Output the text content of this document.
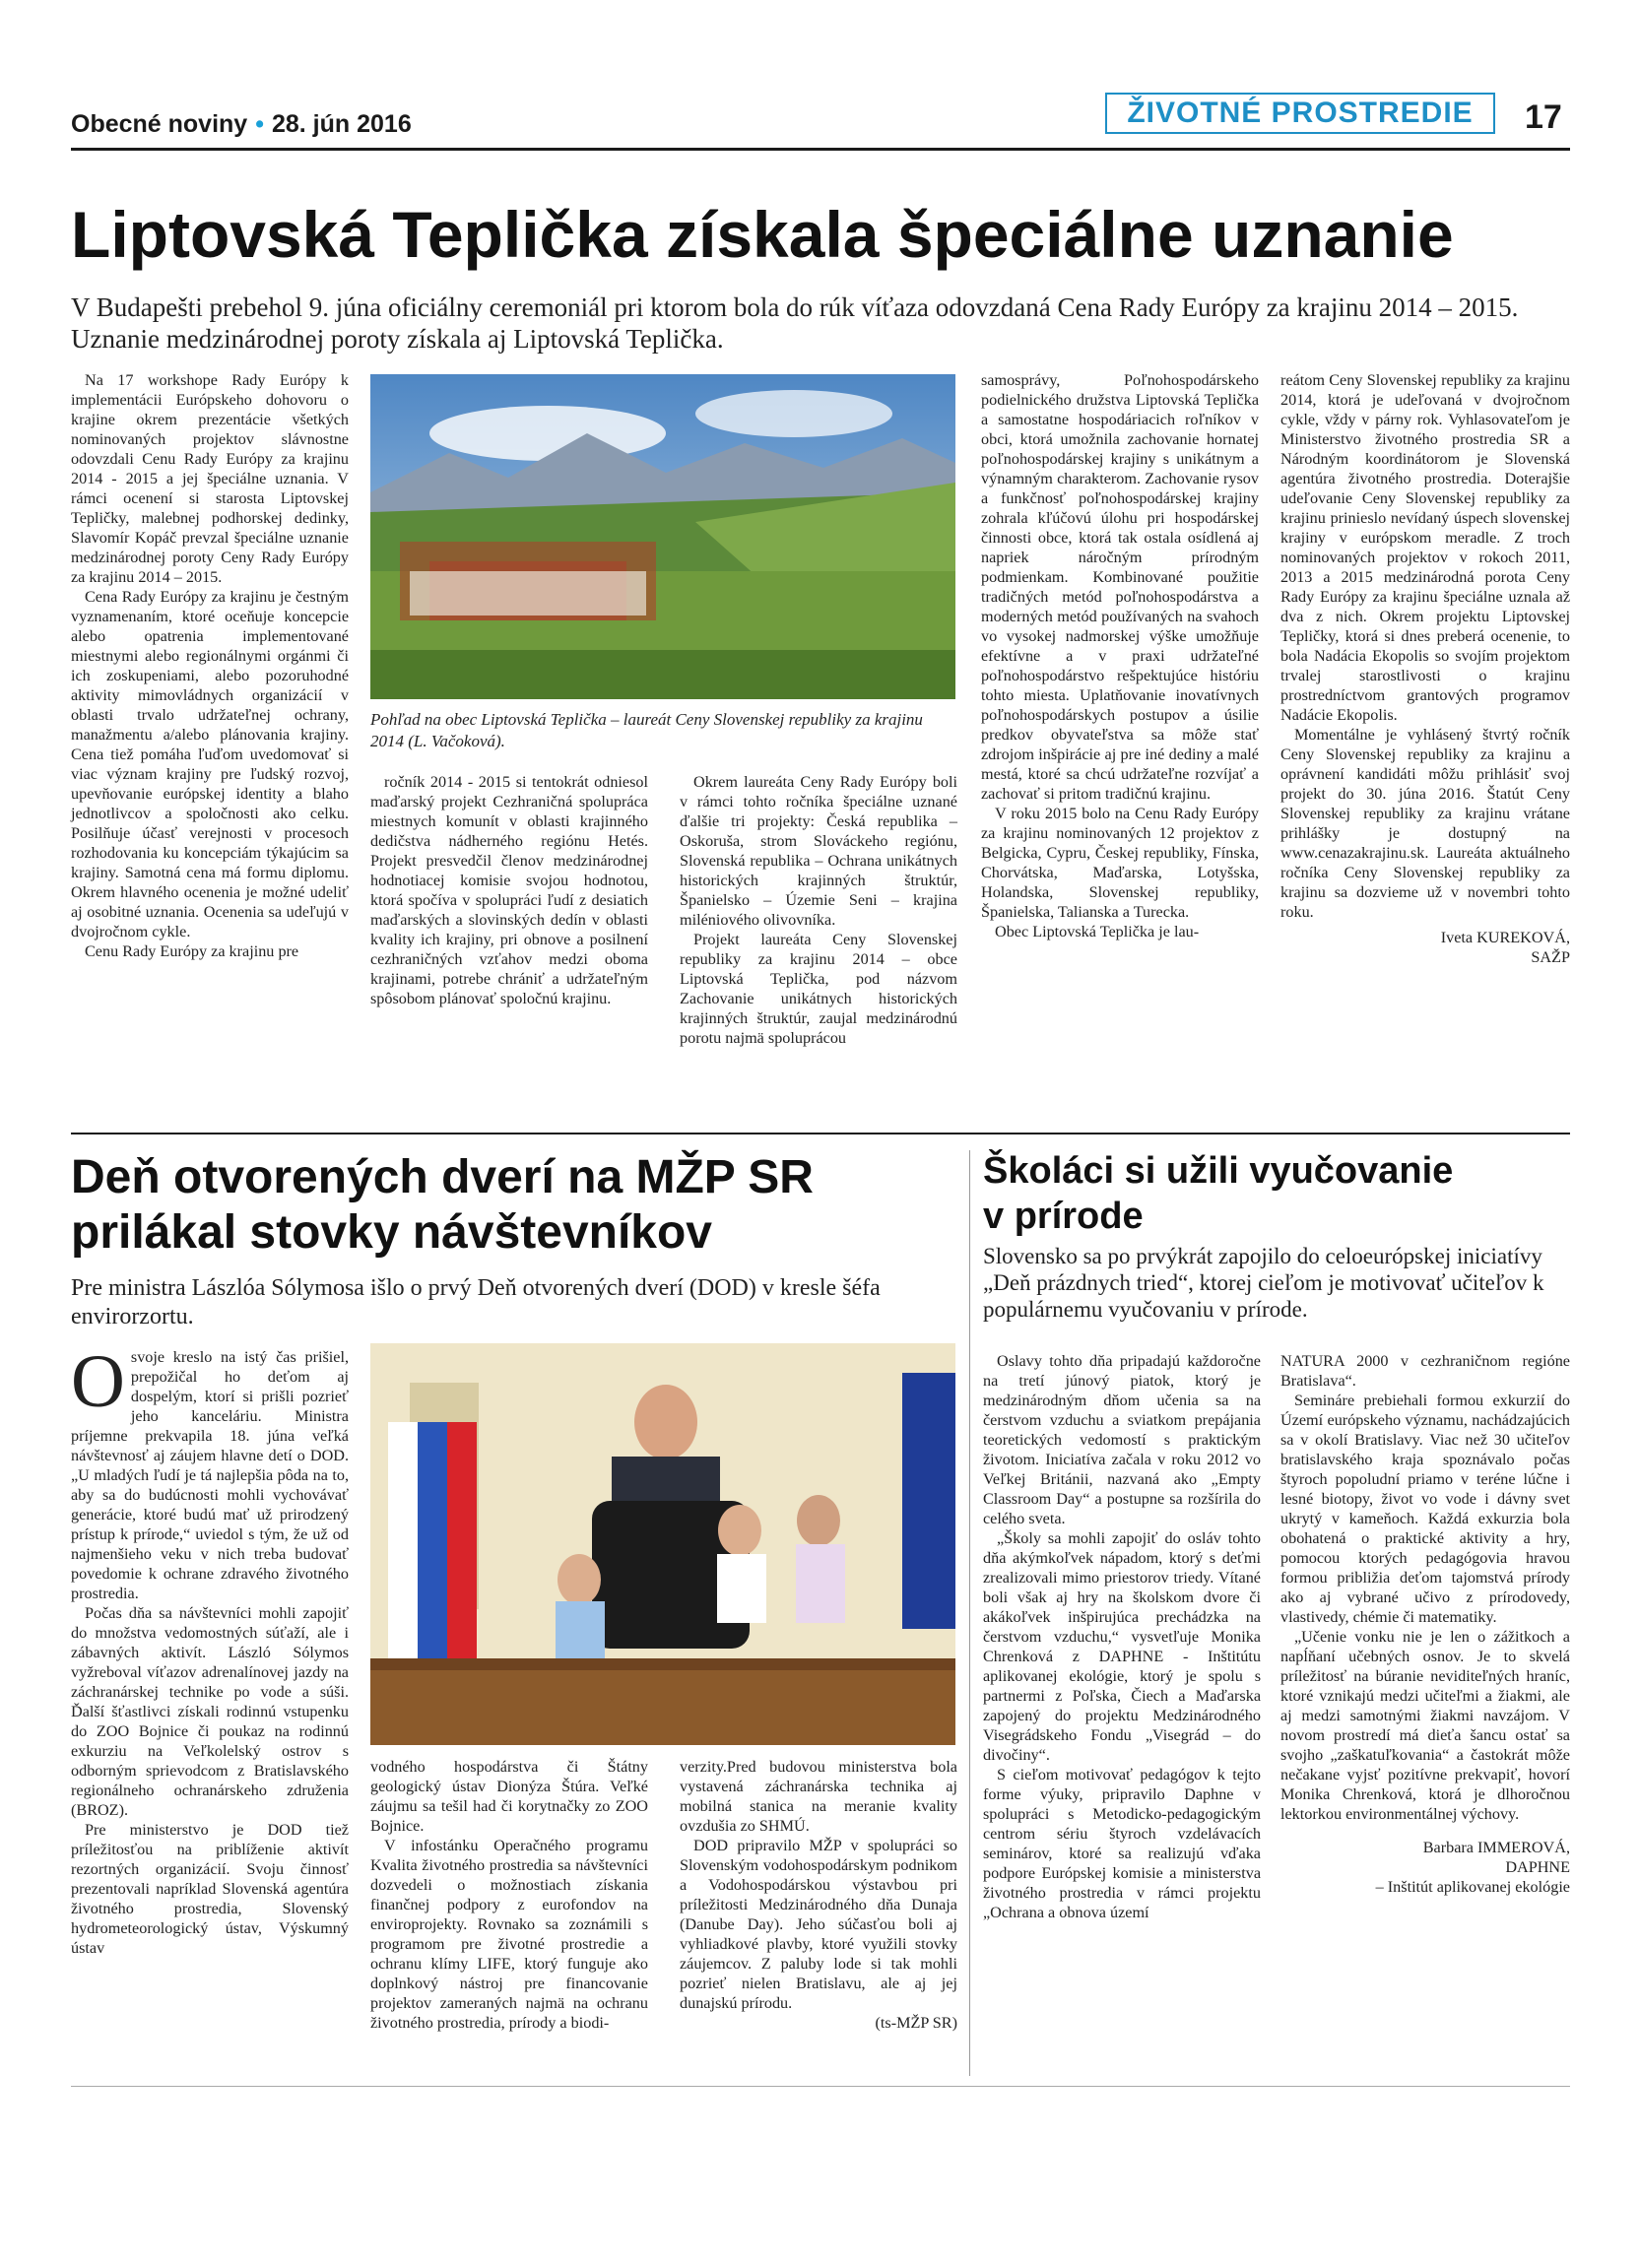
Obecné noviny • 28. jún 2016	ŽIVOTNÉ PROSTREDIE	17
Liptovská Teplička získala špeciálne uznanie
V Budapešti prebehol 9. júna oficiálny ceremoniál pri ktorom bola do rúk víťaza odovzdaná Cena Rady Európy za krajinu 2014 – 2015. Uznanie medzinárodnej poroty získala aj Liptovská Teplička.

Na 17 workshope Rady Európy k implementácii Európskeho dohovoru o krajine okrem prezentácie všetkých nominovaných projektov slávnostne odovzdali Cenu Rady Európy za krajinu 2014 - 2015 a jej špeciálne uznania. V rámci ocenení si starosta Liptovskej Tepličky, malebnej podhorskej dedinky, Slavomír Kopáč prevzal špeciálne uznanie medzinárodnej poroty Ceny Rady Európy za krajinu 2014 – 2015.

Cena Rady Európy za krajinu je čestným vyznamenaním, ktoré oceňuje koncepcie alebo opatrenia implementované miestnymi alebo regionálnymi orgánmi či ich zoskupeniami, alebo pozoruhodné aktivity mimovládnych organizácií v oblasti trvalo udržateľnej ochrany, manažmentu a/alebo plánovania krajiny. Cena tiež pomáha ľuďom uvedomovať si viac význam krajiny pre ľudský rozvoj, upevňovanie európskej identity a blaho jednotlivcov a spoločnosti ako celku. Posilňuje účasť verejnosti v procesoch rozhodovania ku koncepciám týkajúcim sa krajiny. Samotná cena má formu diplomu. Okrem hlavného ocenenia je možné udeliť aj osobitné uznania. Ocenenia sa udeľujú v dvojročnom cykle.

Cenu Rady Európy za krajinu pre

Pohľad na obec Liptovská Teplička – laureát Ceny Slovenskej republiky za krajinu 2014 (L. Vačoková).

ročník 2014 - 2015 si tentokrát odniesol maďarský projekt Cezhraničná spolupráca miestnych komunít v oblasti krajinného dedičstva nádherného regiónu Hetés. Projekt presvedčil členov medzinárodnej hodnotiacej komisie svojou hodnotou, ktorá spočíva v spolupráci ľudí z desiatich maďarských a slovinských dedín v oblasti kvality ich krajiny, pri obnove a posilnení cezhraničných vzťahov medzi oboma krajinami, potrebe chrániť a udržateľným spôsobom plánovať spoločnú krajinu.

Okrem laureáta Ceny Rady Európy boli v rámci tohto ročníka špeciálne uznané ďalšie tri projekty: Česká republika – Oskoruša, strom Slováckeho regiónu, Slovenská republika – Ochrana unikátnych historických krajinných štruktúr, Španielsko – Územie Seni – krajina miléniového olivovníka.

Projekt laureáta Ceny Slovenskej republiky za krajinu 2014 – obce Liptovská Teplička, pod názvom Zachovanie unikátnych historických krajinných štruktúr, zaujal medzinárodnú porotu najmä spoluprácou

samosprávy, Poľnohospodárskeho podielnického družstva Liptovská Teplička a samostatne hospodáriacich roľníkov v obci, ktorá umožnila zachovanie hornatej poľnohospodárskej krajiny s unikátnym a výnamným charakterom. Zachovanie rysov a funkčnosť poľnohospodárskej krajiny zohrala kľúčovú úlohu pri hospodárskej činnosti obce, ktorá tak ostala osídlená aj napriek náročným prírodným podmienkam. Kombinované použitie tradičných metód poľnohospodárstva a moderných metód používaných na svahoch vo vysokej nadmorskej výške umožňuje efektívne a v praxi udržateľné poľnohospodárstvo rešpektujúce históriu tohto miesta. Uplatňovanie inovatívnych poľnohospodárskych postupov a úsilie predkov obyvateľstva sa môže stať zdrojom inšpirácie aj pre iné dediny a malé mestá, ktoré sa chcú udržateľne rozvíjať a zachovať si pritom tradičnú krajinu.

V roku 2015 bolo na Cenu Rady Európy za krajinu nominovaných 12 projektov z Belgicka, Cypru, Českej republiky, Fínska, Chorvátska, Maďarska, Lotyšska, Holandska, Slovenskej republiky, Španielska, Talianska a Turecka.

Obec Liptovská Teplička je lau-

reátom Ceny Slovenskej republiky za krajinu 2014, ktorá je udeľovaná v dvojročnom cykle, vždy v párny rok. Vyhlasovateľom je Ministerstvo životného prostredia SR a Národným koordinátorom je Slovenská agentúra životného prostredia. Doterajšie udeľovanie Ceny Slovenskej republiky za krajinu prinieslo nevídaný úspech slovenskej krajiny v európskom meradle. Z troch nominovaných projektov v rokoch 2011, 2013 a 2015 medzinárodná porota Ceny Rady Európy za krajinu špeciálne uznala až dva z nich. Okrem projektu Liptovskej Tepličky, ktorá si dnes preberá ocenenie, to bola Nadácia Ekopolis so svojím projektom trvalej starostlivosti o krajinu prostredníctvom grantových programov Nadácie Ekopolis.

Momentálne je vyhlásený štvrtý ročník Ceny Slovenskej republiky za krajinu a oprávnení kandidáti môžu prihlásiť svoj projekt do 30. júna 2016. Štatút Ceny Slovenskej republiky za krajinu vrátane prihlášky je dostupný na www.cenazakrajinu.sk. Laureáta aktuálneho ročníka Ceny Slovenskej republiky za krajinu sa dozvieme už v novembri tohto roku.

Iveta KUREKOVÁ,

SAŽP

Deň otvorených dverí na MŽP SR
prilákal stovky návštevníkov
Pre ministra Lászlóa Sólymosa išlo o prvý Deň otvorených dverí (DOD) v kresle šéfa envirorzortu.

Osvoje kreslo na istý čas prišiel, prepožičal ho deťom aj dospelým, ktorí si prišli pozrieť jeho kanceláriu. Ministra príjemne prekvapila 18. júna veľká návštevnosť aj záujem hlavne detí o DOD. „U mladých ľudí je tá najlepšia pôda na to, aby sa do budúcnosti mohli vychovávať generácie, ktoré budú mať už prirodzený prístup k prírode,“ uviedol s tým, že už od najmenšieho veku v nich treba budovať povedomie k ochrane zdravého životného prostredia.

Počas dňa sa návštevníci mohli zapojiť do množstva vedomostných súťaží, ale i zábavných aktivít. László Sólymos vyžreboval víťazov adrenalínovej jazdy na záchranárskej technike po vode a súši. Ďalší šťastlivci získali rodinnú vstupenku do ZOO Bojnice či poukaz na rodinnú exkurziu na Veľkolelský ostrov s odborným sprievodcom z Bratislavského regionálneho ochranárskeho združenia (BROZ).

Pre ministerstvo je DOD tiež príležitosťou na priblíženie aktivít rezortných organizácií. Svoju činnosť prezentovali napríklad Slovenská agentúra životného prostredia, Slovenský hydrometeorologický ústav, Výskumný ústav

vodného hospodárstva či Štátny geologický ústav Dionýza Štúra. Veľké záujmu sa tešil had či korytnačky zo ZOO Bojnice.

V infostánku Operačného programu Kvalita životného prostredia sa návštevníci dozvedeli o možnostiach získania finančnej podpory z eurofondov na enviroprojekty. Rovnako sa zoznámili s programom pre životné prostredie a ochranu klímy LIFE, ktorý funguje ako doplnkový nástroj pre financovanie projektov zameraných najmä na ochranu životného prostredia, prírody a biodi-

verzity.Pred budovou ministerstva bola vystavená záchranárska technika aj mobilná stanica na meranie kvality ovzdušia zo SHMÚ.

DOD pripravilo MŽP v spolupráci so Slovenským vodohospodárskym podnikom a Vodohospodárskou výstavbou pri príležitosti Medzinárodného dňa Dunaja (Danube Day). Jeho súčasťou boli aj vyhliadkové plavby, ktoré využili stovky záujemcov. Z paluby lode si tak mohli pozrieť nielen Bratislavu, ale aj jej dunajskú prírodu.

(ts-MŽP SR)

Školáci si užili vyučovanie
v prírode
Slovensko sa po prvýkrát zapojilo do celoeurópskej iniciatívy „Deň prázdnych tried“, ktorej cieľom je motivovať učiteľov k populárnemu vyučovaniu v prírode.

Oslavy tohto dňa pripadajú každoročne na tretí júnový piatok, ktorý je medzinárodným dňom učenia sa na čerstvom vzduchu a sviatkom prepájania teoretických vedomostí s praktickým životom. Iniciatíva začala v roku 2012 vo Veľkej Británii, nazvaná ako „Empty Classroom Day“ a postupne sa rozšírila do celého sveta.

„Školy sa mohli zapojiť do osláv tohto dňa akýmkoľvek nápadom, ktorý s deťmi zrealizovali mimo priestorov triedy. Vítané boli však aj hry na školskom dvore či akákoľvek inšpirujúca prechádzka na čerstvom vzduchu,“ vysvetľuje Monika Chrenková z DAPHNE - Inštitútu aplikovanej ekológie, ktorý je spolu s partnermi z Poľska, Čiech a Maďarska zapojený do projektu Medzinárodného Visegrádskeho Fondu „Visegrád – do divočiny“.

S cieľom motivovať pedagógov k tejto forme výuky, pripravilo Daphne v spolupráci s Metodicko-pedagogickým centrom sériu štyroch vzdelávacích seminárov, ktoré sa realizujú vďaka podpore Európskej komisie a ministerstva životného prostredia v rámci projektu „Ochrana a obnova území

NATURA 2000 v cezhraničnom regióne Bratislava“.

Semináre prebiehali formou exkurzií do Území európskeho významu, nachádzajúcich sa v okolí Bratislavy. Viac než 30 učiteľov bratislavského kraja spoznávalo počas štyroch popoludní priamo v teréne lúčne i lesné biotopy, život vo vode i dávny svet ukrytý v kameňoch. Každá exkurzia bola obohatená o praktické aktivity a hry, pomocou ktorých pedagógovia hravou formou približia deťom tajomstvá prírody ako aj vybrané učivo z prírodovedy, vlastivedy, chémie či matematiky.

„Učenie vonku nie je len o zážitkoch a napĺňaní učebných osnov. Je to skvelá príležitosť na búranie neviditeľných hraníc, ktoré vznikajú medzi učiteľmi a žiakmi, ale aj medzi samotnými žiakmi navzájom. V novom prostredí má dieťa šancu ostať sa svojho „zaškatuľkovania“ a častokrát môže nečakane vyjsť pozitívne prekvapiť, hovorí Monika Chrenková, ktorá je dlhoročnou lektorkou environmentálnej výchovy.

Barbara IMMEROVÁ,

DAPHNE

– Inštitút aplikovanej ekológie
